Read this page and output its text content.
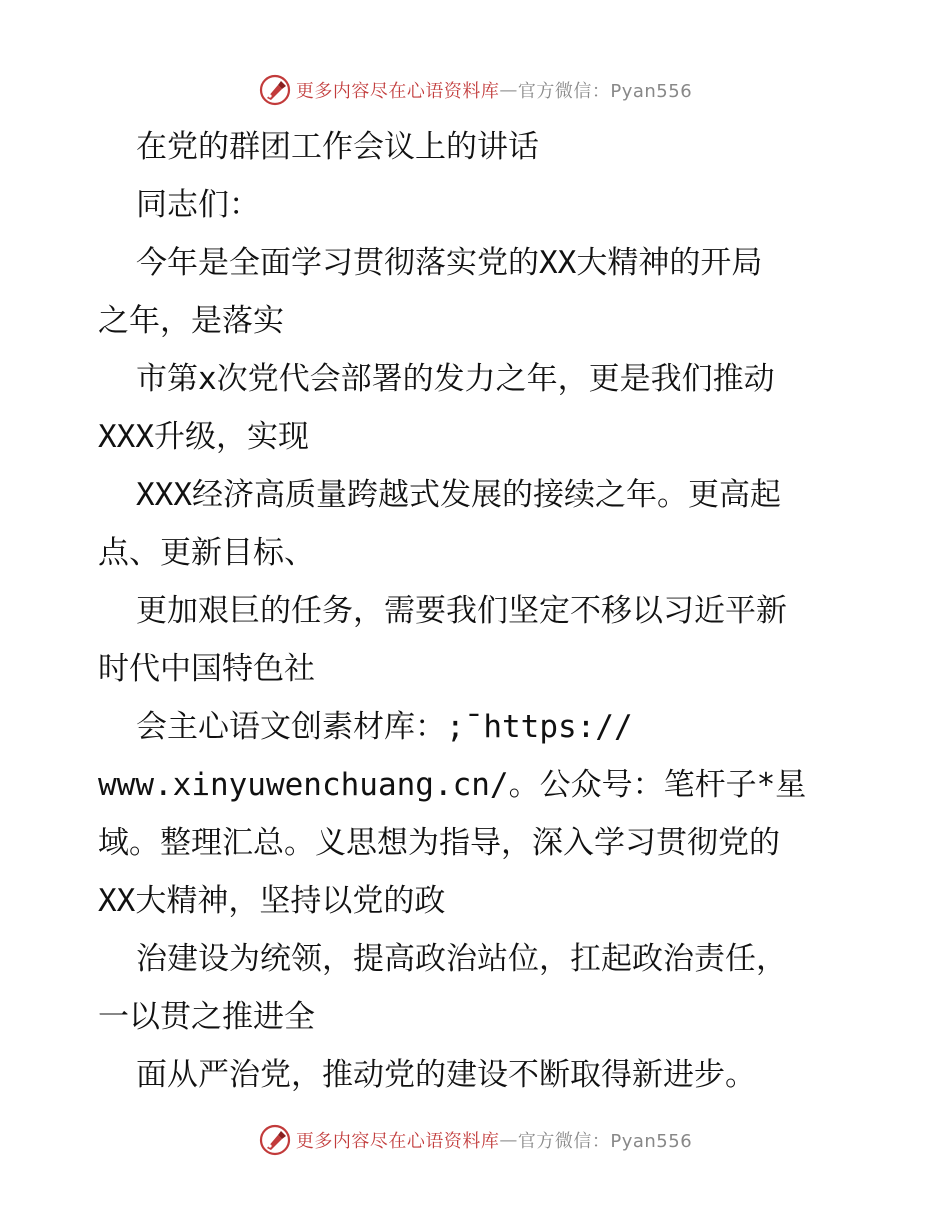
更多内容尽在心语资料库 — 官方微信：Pyan556
在党的群团工作会议上的讲话
同志们：
今年是全面学习贯彻落实党的XX大精神的开局
之年，是落实
市第x次党代会部署的发力之年，更是我们推动
XXX升级，实现
XXX经济高质量跨越式发展的接续之年。更高起
点、更新目标、
更加艰巨的任务，需要我们坚定不移以习近平新
时代中国特色社
会主心语文创素材库：;¯https://
www.xinyuwenchuang.cn/。公众号：笔杆子*星
域。整理汇总。义思想为指导，深入学习贯彻党的
XX大精神，坚持以党的政
治建设为统领，提高政治站位，扛起政治责任，
一以贯之推进全
面从严治党，推动党的建设不断取得新进步。
更多内容尽在心语资料库 — 官方微信：Pyan556
